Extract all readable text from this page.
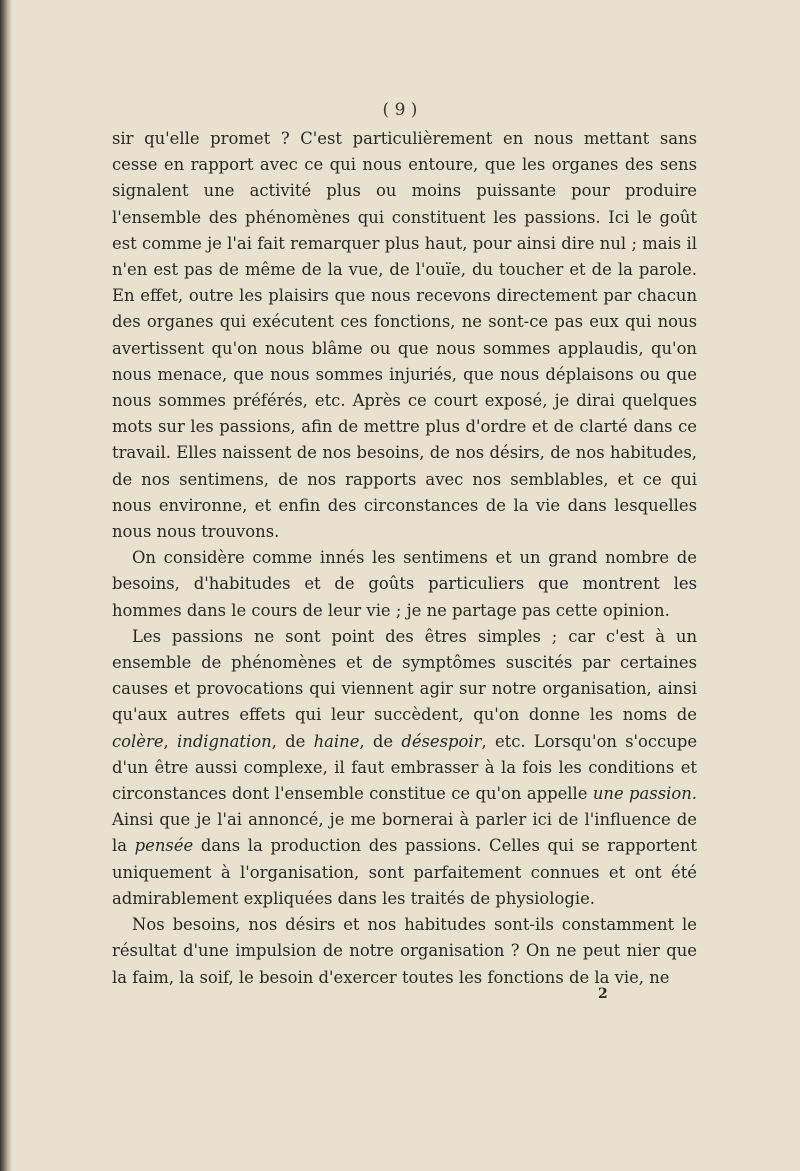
( 9 )

sir qu'elle promet ? C'est particulièrement en nous mettant sans cesse en rapport avec ce qui nous entoure, que les organes des sens signalent une activité plus ou moins puissante pour produire l'ensemble des phénomènes qui constituent les passions. Ici le goût est comme je l'ai fait remarquer plus haut, pour ainsi dire nul ; mais il n'en est pas de même de la vue, de l'ouïe, du toucher et de la parole. En effet, outre les plaisirs que nous recevons directement par chacun des organes qui exécutent ces fonctions, ne sont-ce pas eux qui nous avertissent qu'on nous blâme ou que nous sommes applaudis, qu'on nous menace, que nous sommes injuriés, que nous déplaisons ou que nous sommes préférés, etc. Après ce court exposé, je dirai quelques mots sur les passions, afin de mettre plus d'ordre et de clarté dans ce travail. Elles naissent de nos besoins, de nos désirs, de nos habitudes, de nos sentimens, de nos rapports avec nos semblables, et ce qui nous environne, et enfin des circonstances de la vie dans lesquelles nous nous trouvons.

On considère comme innés les sentimens et un grand nombre de besoins, d'habitudes et de goûts particuliers que montrent les hommes dans le cours de leur vie ; je ne partage pas cette opinion.

Les passions ne sont point des êtres simples ; car c'est à un ensemble de phénomènes et de symptômes suscités par certaines causes et provocations qui viennent agir sur notre organisation, ainsi qu'aux autres effets qui leur succèdent, qu'on donne les noms de colère, indignation, de haine, de désespoir, etc. Lorsqu'on s'occupe d'un être aussi complexe, il faut embrasser à la fois les conditions et circonstances dont l'ensemble constitue ce qu'on appelle une passion. Ainsi que je l'ai annoncé, je me bornerai à parler ici de l'influence de la pensée dans la production des passions. Celles qui se rapportent uniquement à l'organisation, sont parfaitement connues et ont été admirablement expliquées dans les traités de physiologie.

Nos besoins, nos désirs et nos habitudes sont-ils constamment le résultat d'une impulsion de notre organisation ? On ne peut nier que la faim, la soif, le besoin d'exercer toutes les fonctions de la vie, ne

2
